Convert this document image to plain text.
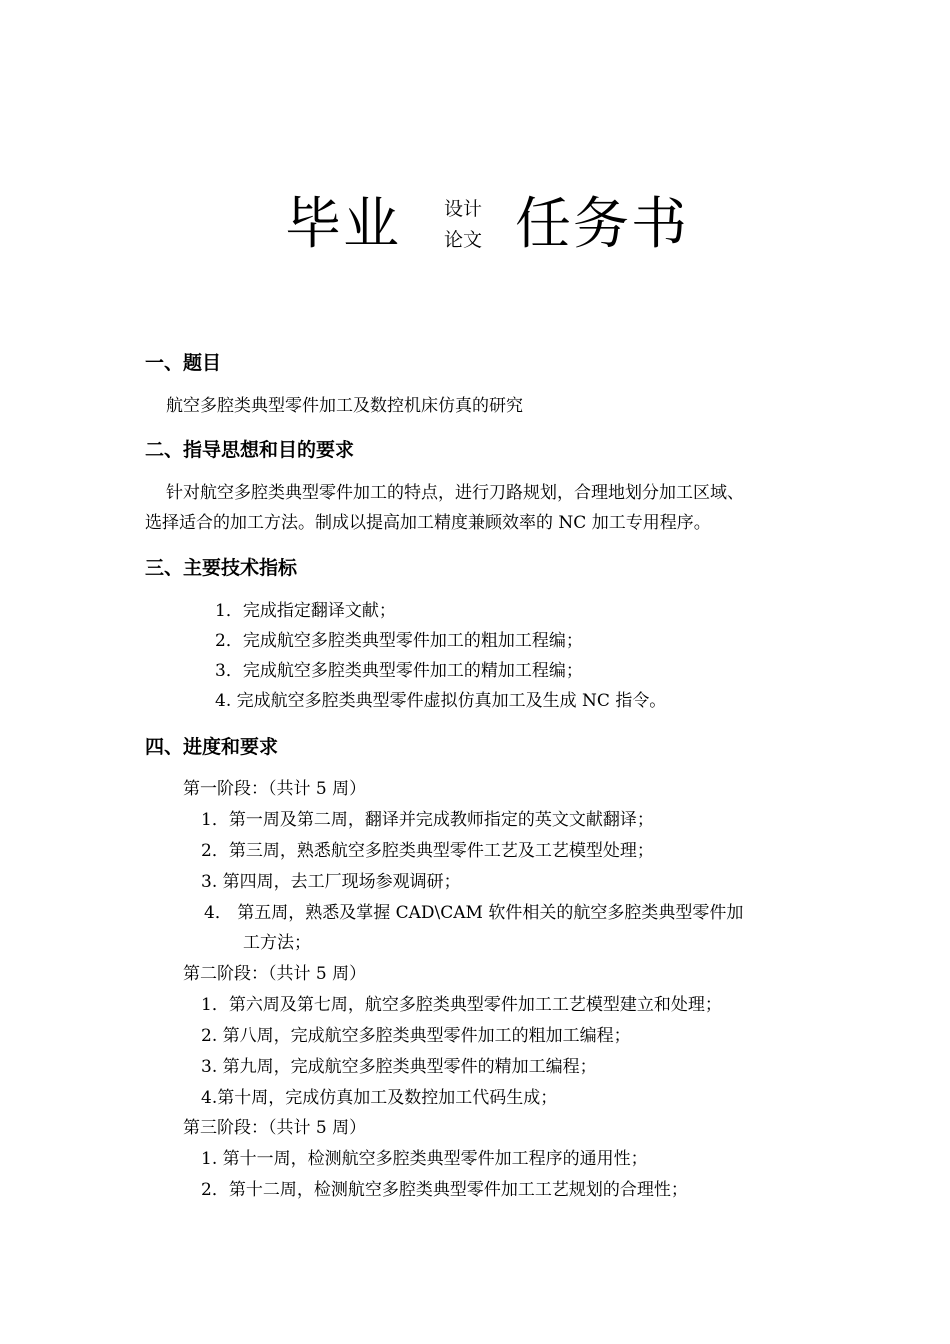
毕业 设计
论文 任务书
一、题目
航空多腔类典型零件加工及数控机床仿真的研究
二、指导思想和目的要求
针对航空多腔类典型零件加工的特点，进行刀路规划，合理地划分加工区域、
选择适合的加工方法。制成以提高加工精度兼顾效率的 NC 加工专用程序。
三、主要技术指标
1．完成指定翻译文献；
2．完成航空多腔类典型零件加工的粗加工程编；
3．完成航空多腔类典型零件加工的精加工程编；
4. 完成航空多腔类典型零件虚拟仿真加工及生成 NC 指令。
四、进度和要求
第一阶段：（共计 5 周）
1．第一周及第二周，翻译并完成教师指定的英文文献翻译；
2．第三周，熟悉航空多腔类典型零件工艺及工艺模型处理；
3. 第四周，去工厂现场参观调研；
4． 第五周，熟悉及掌握 CAD\CAM 软件相关的航空多腔类典型零件加
工方法；
第二阶段：（共计 5 周）
1．第六周及第七周，航空多腔类典型零件加工工艺模型建立和处理；
2. 第八周，完成航空多腔类典型零件加工的粗加工编程；
3. 第九周，完成航空多腔类典型零件的精加工编程；
4.第十周，完成仿真加工及数控加工代码生成；
第三阶段：（共计 5 周）
1. 第十一周，检测航空多腔类典型零件加工程序的通用性；
2．第十二周，检测航空多腔类典型零件加工工艺规划的合理性；
